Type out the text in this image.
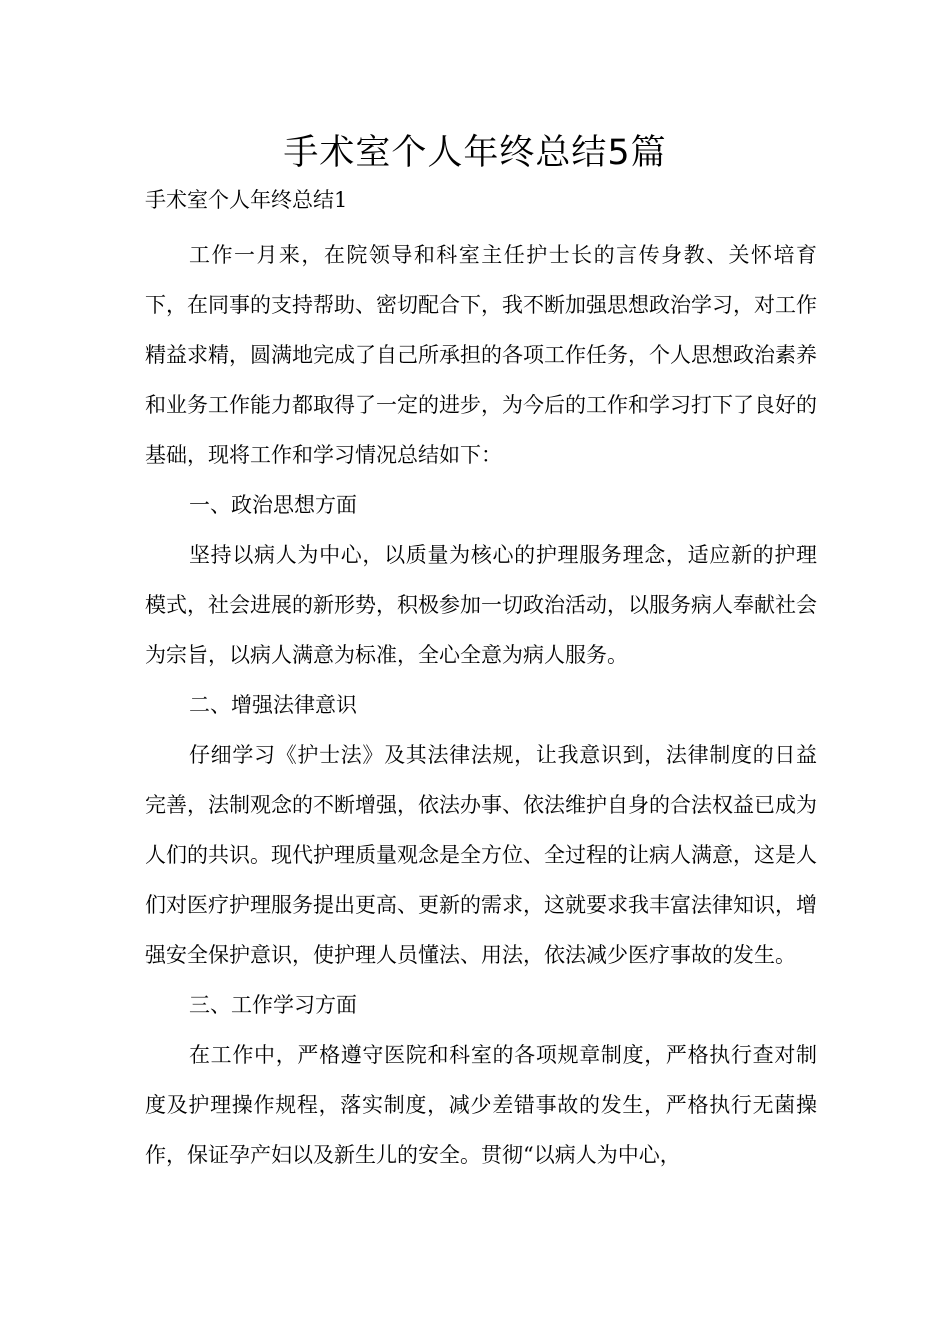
手术室个人年终总结5篇
手术室个人年终总结1

工作一月来，在院领导和科室主任护士长的言传身教、关怀培育下，在同事的支持帮助、密切配合下，我不断加强思想政治学习，对工作精益求精，圆满地完成了自己所承担的各项工作任务，个人思想政治素养和业务工作能力都取得了一定的进步，为今后的工作和学习打下了良好的基础，现将工作和学习情况总结如下：

一、政治思想方面

坚持以病人为中心，以质量为核心的护理服务理念，适应新的护理模式，社会进展的新形势，积极参加一切政治活动，以服务病人奉献社会为宗旨，以病人满意为标准，全心全意为病人服务。

二、增强法律意识

仔细学习《护士法》及其法律法规，让我意识到，法律制度的日益完善，法制观念的不断增强，依法办事、依法维护自身的合法权益已成为人们的共识。现代护理质量观念是全方位、全过程的让病人满意，这是人们对医疗护理服务提出更高、更新的需求，这就要求我丰富法律知识，增强安全保护意识，使护理人员懂法、用法，依法减少医疗事故的发生。

三、工作学习方面

在工作中，严格遵守医院和科室的各项规章制度，严格执行查对制度及护理操作规程，落实制度，减少差错事故的发生，严格执行无菌操作，保证孕产妇以及新生儿的安全。贯彻“以病人为中心，
